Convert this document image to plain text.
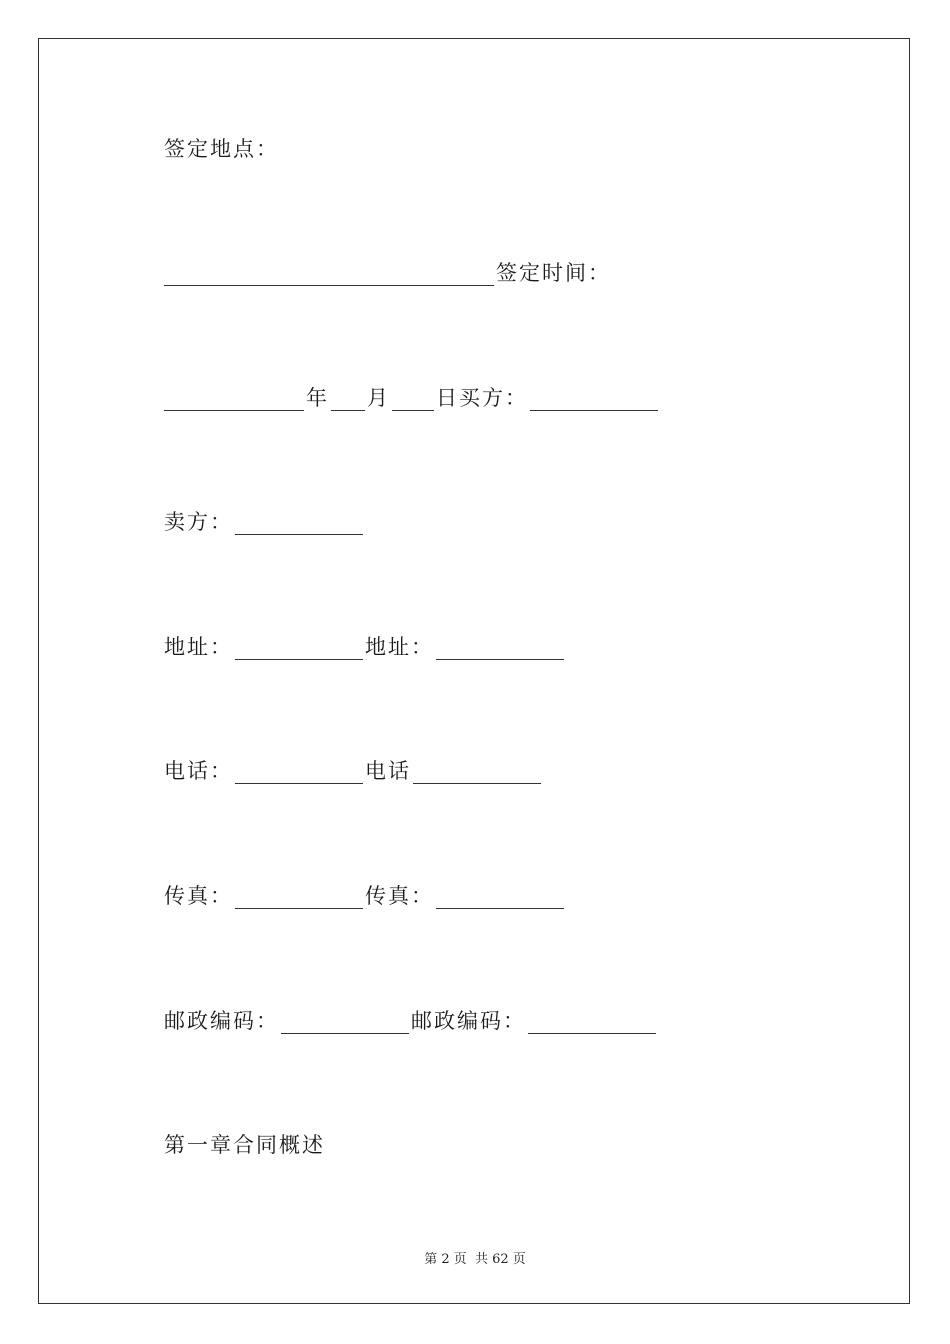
签定地点：
签定时间：
年 月 日买方：
卖方：
地址：	地址：
电话：	电话
传真：	传真：
邮政编码：	邮政编码：
第一章合同概述
第 2 页 共 62 页
